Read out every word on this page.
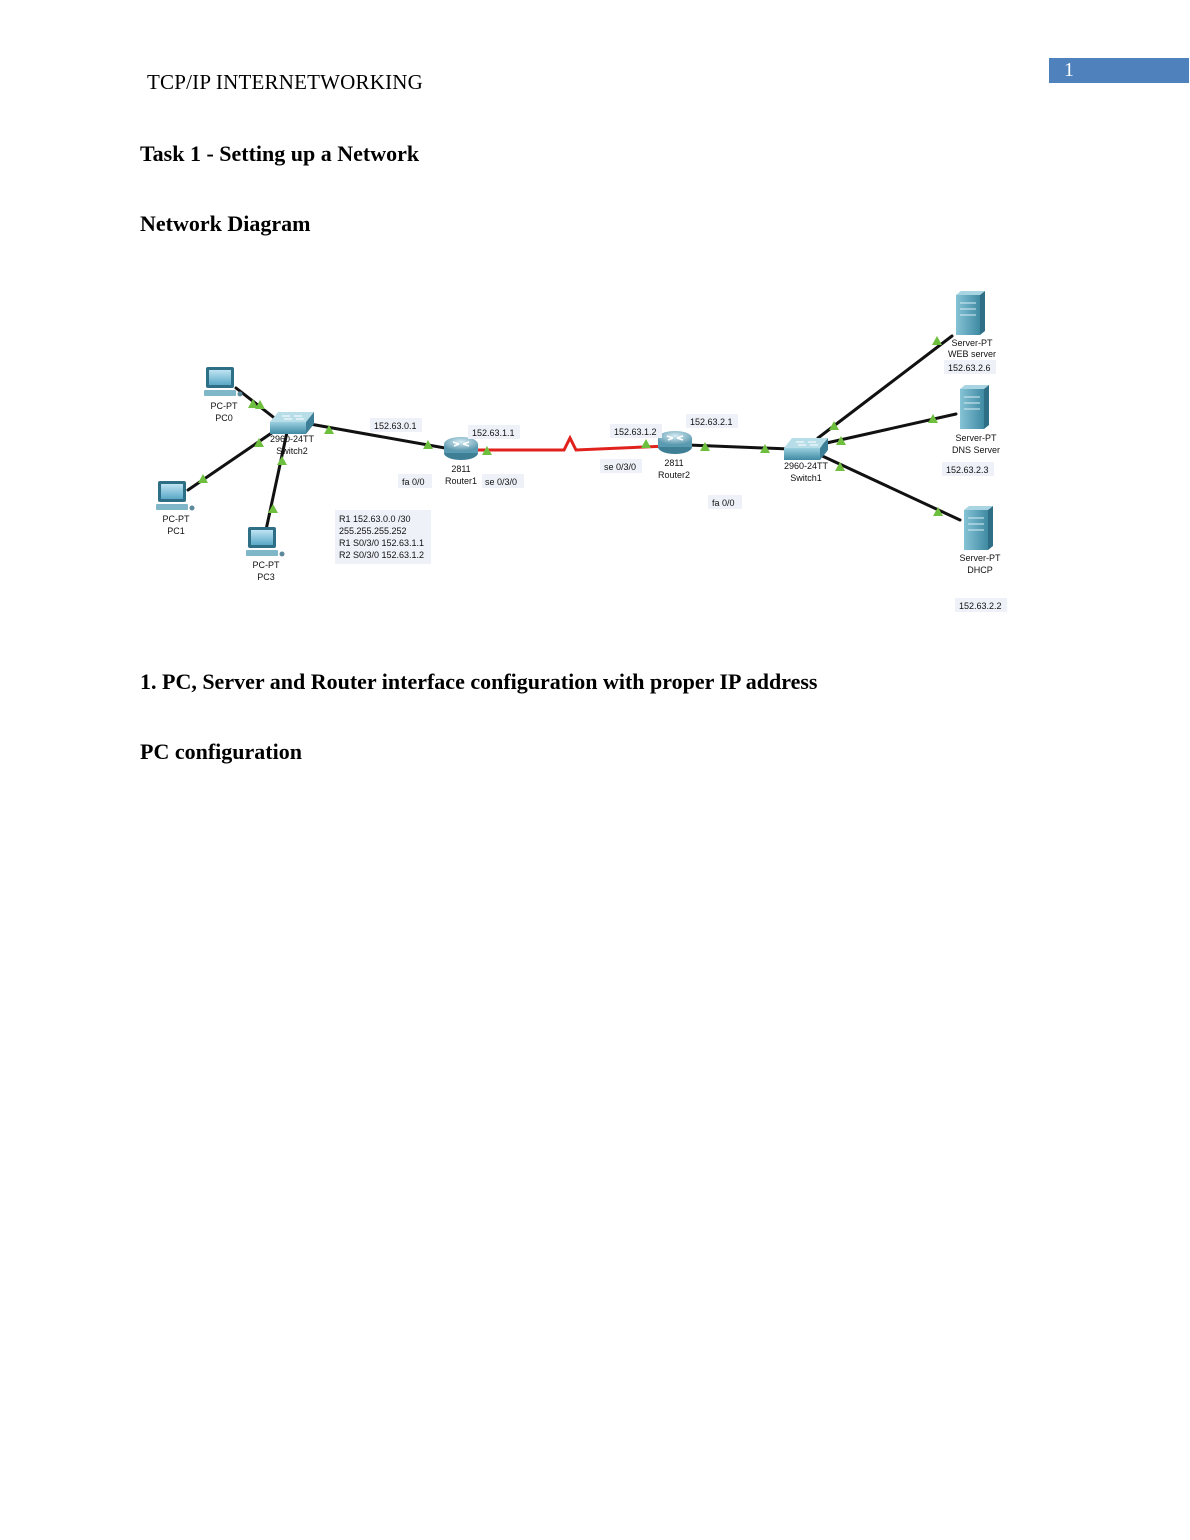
1
TCP/IP INTERNETWORKING
Task 1 - Setting up a Network
Network Diagram
PC-PT
PC0
PC-PT
PC1
PC-PT
PC3
2960-24TT
Switch2
2811
Router1
2811
Router2
2960-24TT
Switch1
Server-PT
WEB server
Server-PT
DNS Server
Server-PT
DHCP
152.63.0.1
152.63.1.1	152.63.1.2
152.63.2.1
fa 0/0	se 0/3/0
se 0/3/0
fa 0/0
152.63.2.6
152.63.2.3
152.63.2.2
R1 152.63.0.0 /30
255.255.255.252
R1 S0/3/0 152.63.1.1
R2 S0/3/0 152.63.1.2
1. PC, Server and Router interface configuration with proper IP address
PC configuration
